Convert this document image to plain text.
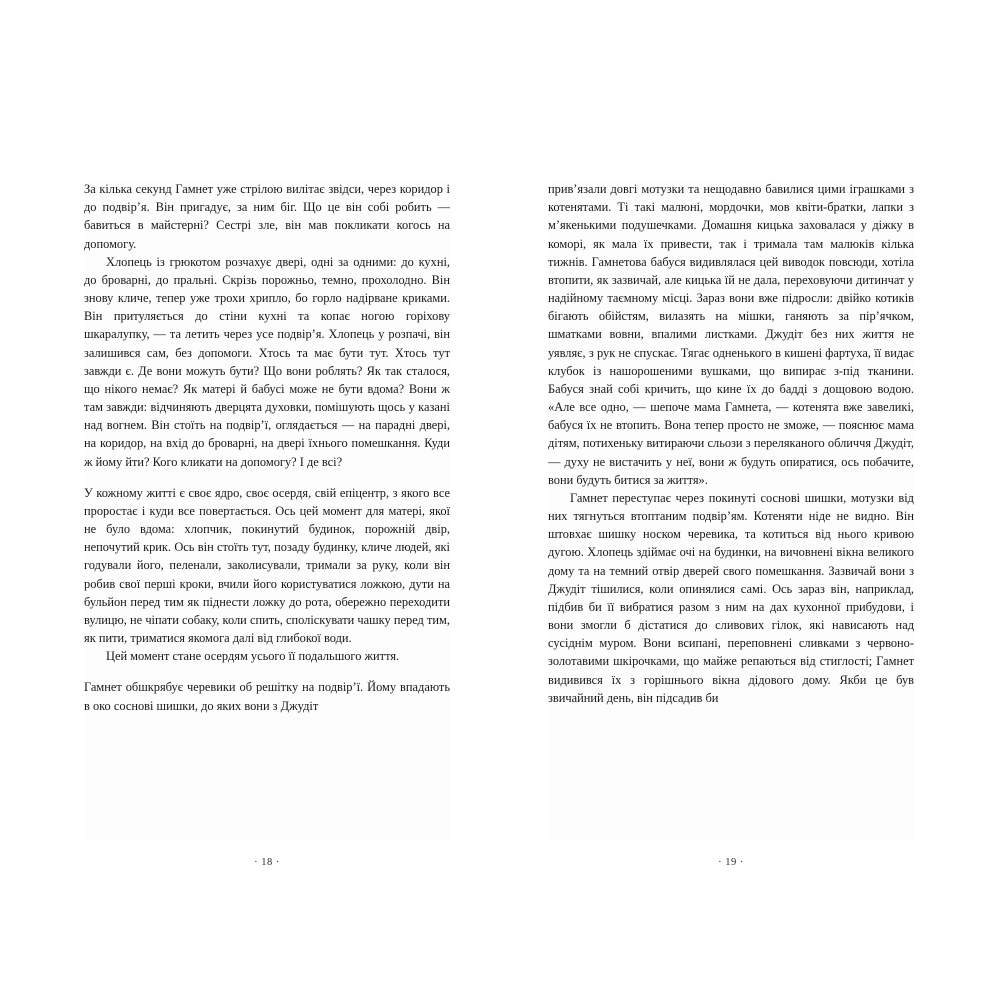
За кілька секунд Гамнет уже стрілою вилітає звідси, через коридор і до подвір’я. Він пригадує, за ним біг. Що це він собі робить — бавиться в майстерні? Сестрі зле, він мав покликати когось на допомогу.

Хлопець із грюкотом розчахує двері, одні за одними: до кухні, до броварні, до пральні. Скрізь порожньо, темно, прохолодно. Він знову кличе, тепер уже трохи хрипло, бо горло надірване криками. Він притуляється до стіни кухні та копає ногою горіхову шкаралупку, — та летить через усе подвір’я. Хлопець у розпачі, він залишився сам, без допомоги. Хтось та має бути тут. Хтось тут завжди є. Де вони можуть бути? Що вони роблять? Як так сталося, що нікого немає? Як матері й бабусі може не бути вдома? Вони ж там завжди: відчиняють дверцята духовки, помішують щось у казані над вогнем. Він стоїть на подвір’ї, оглядається — на парадні двері, на коридор, на вхід до броварні, на двері їхнього помешкання. Куди ж йому йти? Кого кликати на допомогу? І де всі?

У кожному житті є своє ядро, своє осердя, свій епіцентр, з якого все проростає і куди все повертається. Ось цей момент для матері, якої не було вдома: хлопчик, покинутий будинок, порожній двір, непочутий крик. Ось він стоїть тут, позаду будинку, кличе людей, які годували його, пеленали, заколисували, тримали за руку, коли він робив свої перші кроки, вчили його користуватися ложкою, дути на бульйон перед тим як піднести ложку до рота, обережно переходити вулицю, не чіпати собаку, коли спить, споліскувати чашку перед тим, як пити, триматися якомога далі від глибокої води.

Цей момент стане осердям усього її подальшого життя.

Гамнет обшкрябує черевики об решітку на подвір’ї. Йому впадають в око соснові шишки, до яких вони з Джудіт

· 18 ·

прив’язали довгі мотузки та нещодавно бавилися цими іграшками з котенятами. Ті такі малюні, мордочки, мов квіти-братки, лапки з м’якенькими подушечками. Домашня кицька заховалася у діжку в коморі, як мала їх привести, так і тримала там малюків кілька тижнів. Гамнетова бабуся видивлялася цей виводок повсюди, хотіла втопити, як зазвичай, але кицька їй не дала, переховуючи дитинчат у надійному таємному місці. Зараз вони вже підросли: двійко котиків бігають обійстям, вилазять на мішки, ганяють за пір’ячком, шматками вовни, впалими листками. Джудіт без них життя не уявляє, з рук не спускає. Тягає одненького в кишені фартуха, її видає клубок із нашорошеними вушками, що випирає з-під тканини. Бабуся знай собі кричить, що кине їх до бадді з дощовою водою. «Але все одно, — шепоче мама Гамнета, — котенята вже завеликі, бабуся їх не втопить. Вона тепер просто не зможе, — пояснює мама дітям, потихеньку витираючи сльози з переляканого обличчя Джудіт, — духу не вистачить у неї, вони ж будуть опиратися, ось побачите, вони будуть битися за життя».

Гамнет переступає через покинуті соснові шишки, мотузки від них тягнуться втоптаним подвір’ям. Котеняти ніде не видно. Він штовхає шишку носком черевика, та котиться від нього кривою дугою. Хлопець здіймає очі на будинки, на вичовнені вікна великого дому та на темний отвір дверей свого помешкання. Зазвичай вони з Джудіт тішилися, коли опинялися самі. Ось зараз він, наприклад, підбив би її вибратися разом з ним на дах кухонної прибудови, і вони змогли б дістатися до сливових гілок, які нависають над сусіднім муром. Вони всипані, переповнені сливками з червоно-золотавими шкірочками, що майже репаються від стиглості; Гамнет видивився їх з горішнього вікна дідового дому. Якби це був звичайний день, він підсадив би

· 19 ·
